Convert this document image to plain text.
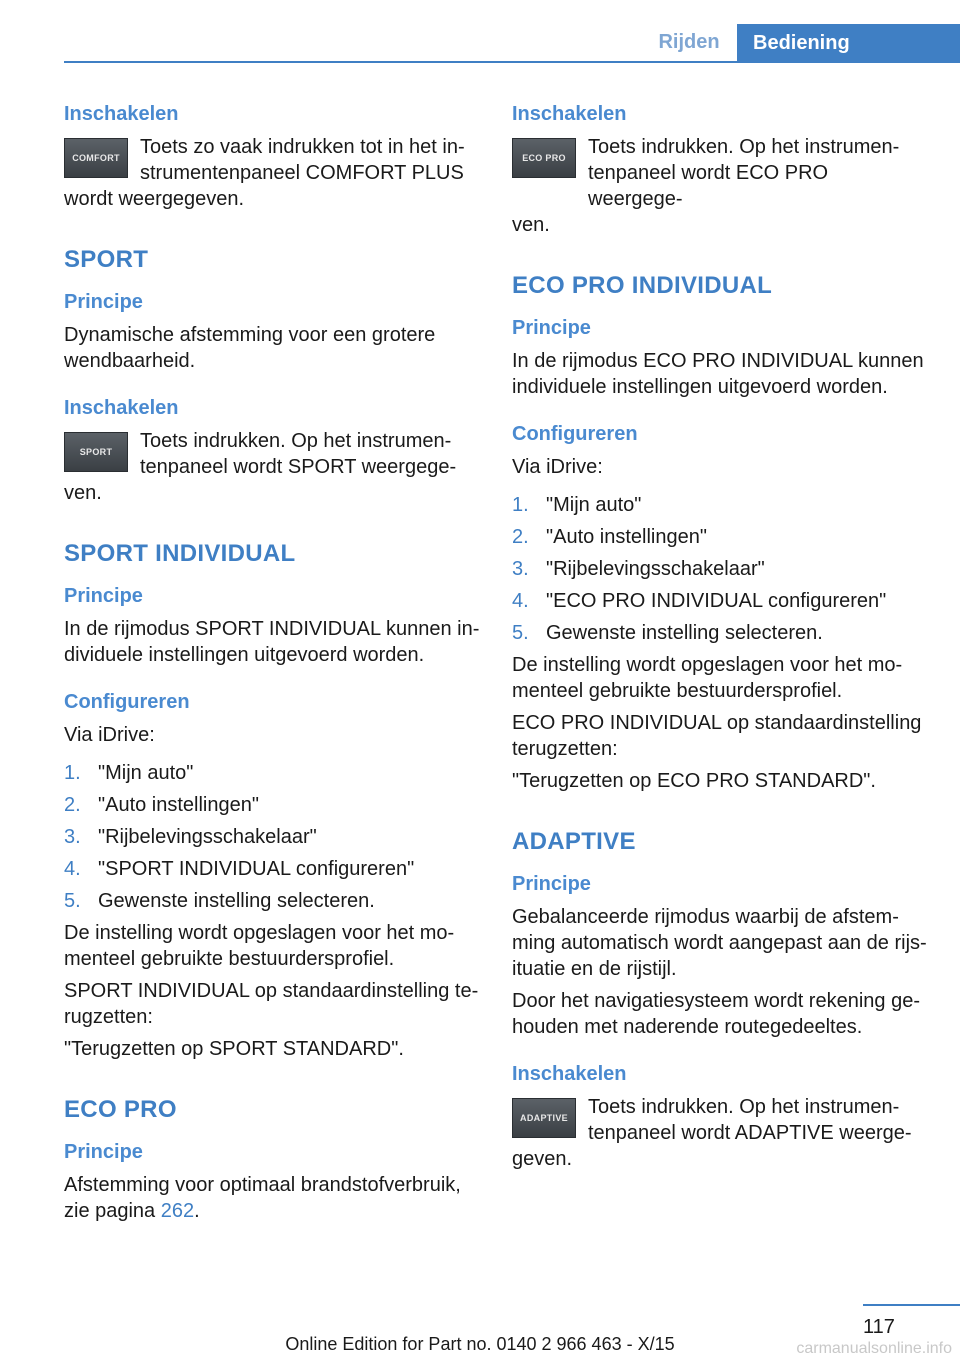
Rijden	Bediening
Inschakelen
COMFORT	Toets zo vaak indrukken tot in het in-

strumentenpaneel COMFORT PLUS

wordt weergegeven.

SPORT
Principe

Dynamische afstemming voor een grotere

wendbaarheid.

Inschakelen
SPORT	Toets indrukken. Op het instrumen-

tenpaneel wordt SPORT weergege-

ven.

SPORT INDIVIDUAL
Principe

In de rijmodus SPORT INDIVIDUAL kunnen in-

dividuele instellingen uitgevoerd worden.

Configureren

Via iDrive:

1. "Mijn auto"
2. "Auto instellingen"
3. "Rijbelevingsschakelaar"
4. "SPORT INDIVIDUAL configureren"
5. Gewenste instelling selecteren.

De instelling wordt opgeslagen voor het mo-

menteel gebruikte bestuurdersprofiel.

SPORT INDIVIDUAL op standaardinstelling te-

rugzetten:

"Terugzetten op SPORT STANDARD".

ECO PRO
Principe

Afstemming voor optimaal brandstofverbruik,

zie pagina 262.

Inschakelen
ECO PRO	Toets indrukken. Op het instrumen-

tenpaneel wordt ECO PRO weergege-

ven.

ECO PRO INDIVIDUAL
Principe

In de rijmodus ECO PRO INDIVIDUAL kunnen

individuele instellingen uitgevoerd worden.

Configureren

Via iDrive:

1. "Mijn auto"
2. "Auto instellingen"
3. "Rijbelevingsschakelaar"
4. "ECO PRO INDIVIDUAL configureren"
5. Gewenste instelling selecteren.

De instelling wordt opgeslagen voor het mo-

menteel gebruikte bestuurdersprofiel.

ECO PRO INDIVIDUAL op standaardinstelling

terugzetten:

"Terugzetten op ECO PRO STANDARD".

ADAPTIVE
Principe

Gebalanceerde rijmodus waarbij de afstem-

ming automatisch wordt aangepast aan de rijs-

ituatie en de rijstijl.

Door het navigatiesysteem wordt rekening ge-

houden met naderende routegedeeltes.

Inschakelen
ADAPTIVE	Toets indrukken. Op het instrumen-

tenpaneel wordt ADAPTIVE weerge-

geven.

117
Online Edition for Part no. 0140 2 966 463 - X/15	carmanualsonline.info
